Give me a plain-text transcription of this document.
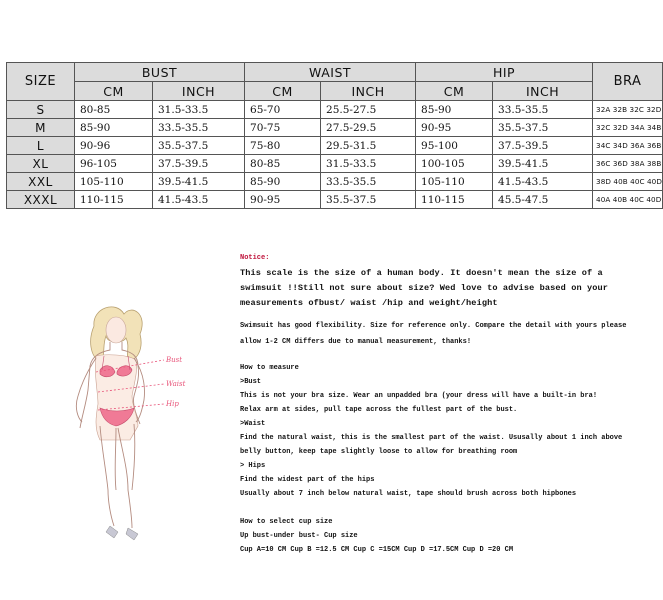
SIZE	BUST		WAIST		HIP		BRA
	CM	INCH	CM	INCH	CM	INCH	
S	80-85	31.5-33.5	65-70	25.5-27.5	85-90	33.5-35.5	32A 32B 32C 32D
M	85-90	33.5-35.5	70-75	27.5-29.5	90-95	35.5-37.5	32C 32D 34A 34B
L	90-96	35.5-37.5	75-80	29.5-31.5	95-100	37.5-39.5	34C 34D 36A 36B
XL	96-105	37.5-39.5	80-85	31.5-33.5	100-105	39.5-41.5	36C 36D 38A 38B
XXL	105-110	39.5-41.5	85-90	33.5-35.5	105-110	41.5-43.5	38D 40B 40C 40D
XXXL	110-115	41.5-43.5	90-95	35.5-37.5	110-115	45.5-47.5	40A 40B 40C 40D
Bust
Waist
Hip
Notice:
This scale is the size of a human body. It doesn't mean the size of a
swimsuit !!Still not sure about size? Wed love to advise based on your
measurements ofbust/ waist /hip and weight/height
Swimsuit has good flexibility. Size for reference only. Compare the detail with yours please
allow 1-2 CM differs due to manual measurement, thanks!
How to measure
>Bust
This is not your bra size. Wear an unpadded bra (your dress will have a built-in bra!
Relax arm at sides, pull tape across the fullest part of the bust.
>Waist
Find the natural waist, this is the smallest part of the waist. Ususally about 1 inch above
belly button, keep tape slightly loose to allow for breathing room
> Hips
Find the widest part of the hips
Usually about 7 inch below natural waist, tape should brush across both hipbones
How to select cup size
Up bust-under bust- Cup size
Cup A=10 CM Cup B =12.5 CM Cup C =15CM Cup D =17.5CM Cup D =20 CM
